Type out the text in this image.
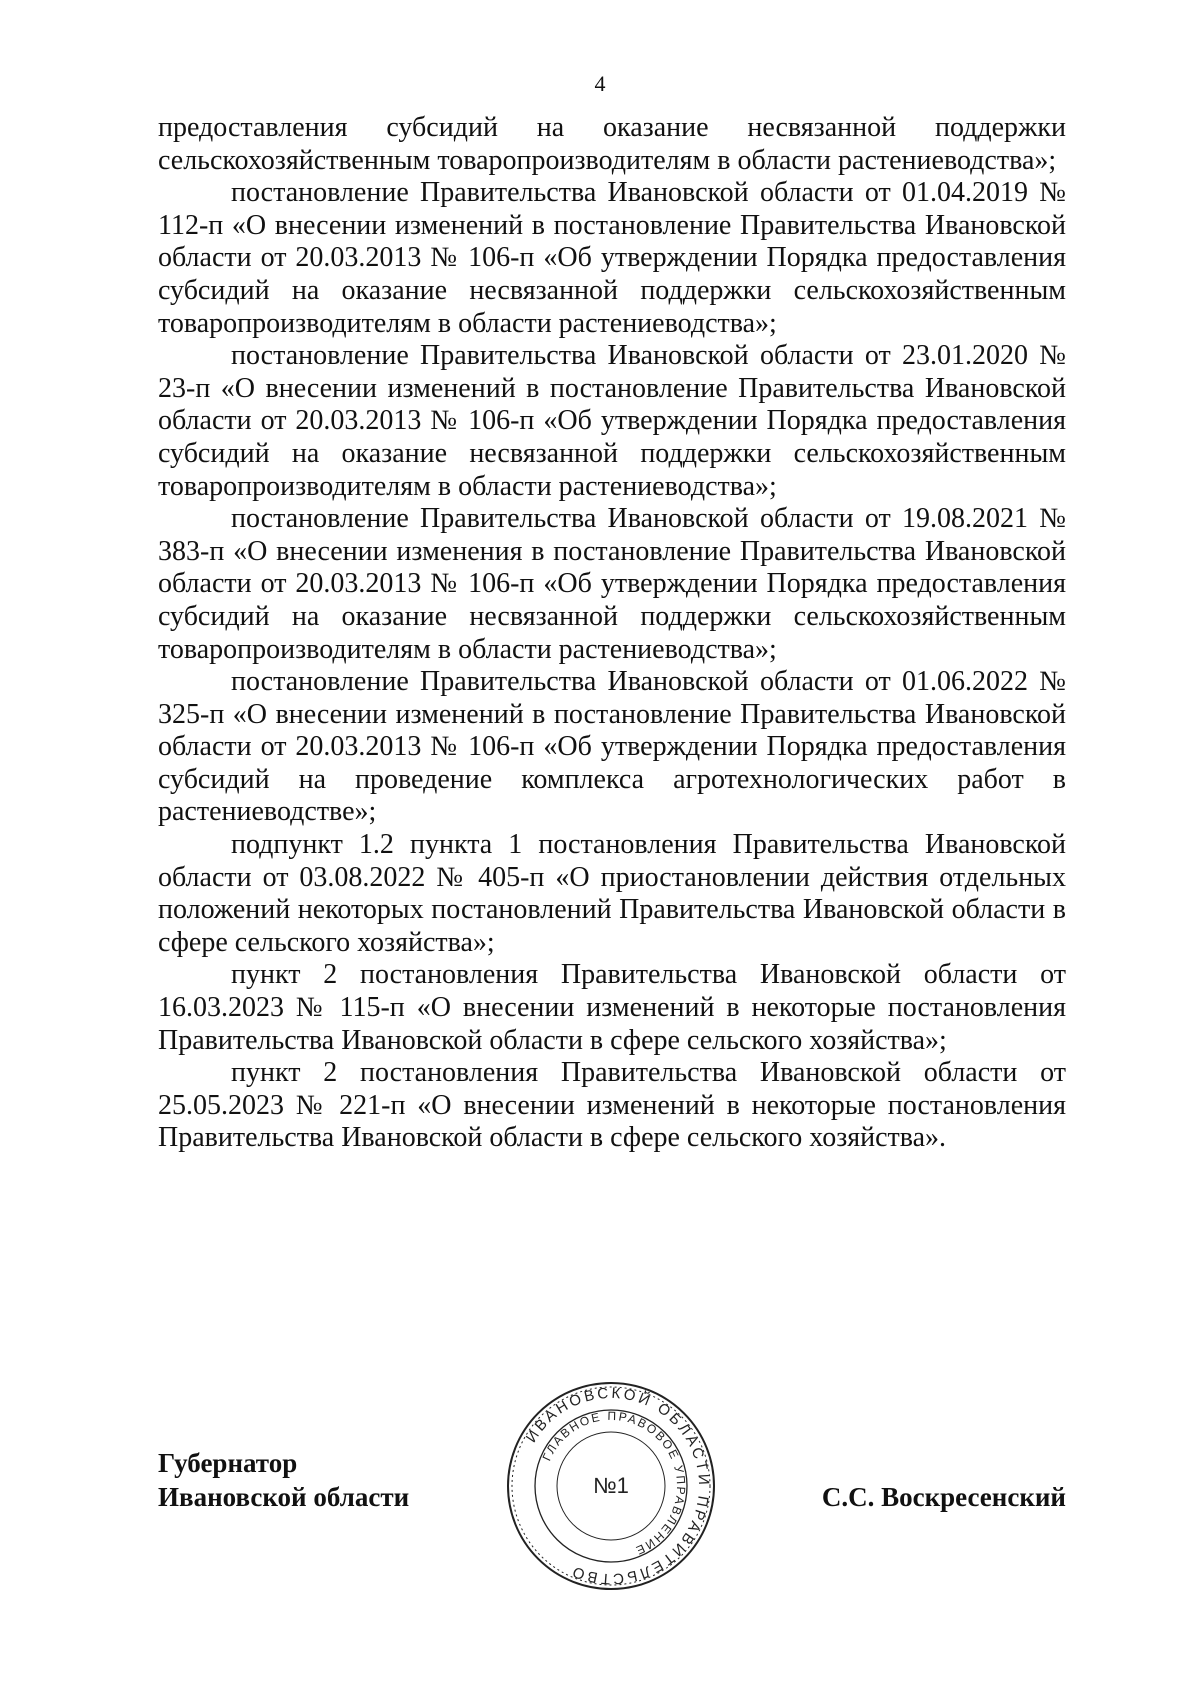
4

предоставления субсидий на оказание несвязанной поддержки сельскохозяйственным товаропроизводителям в области растениеводства»;

постановление Правительства Ивановской области от 01.04.2019 № 112-п «О внесении изменений в постановление Правительства Ивановской области от 20.03.2013 № 106-п «Об утверждении Порядка предоставления субсидий на оказание несвязанной поддержки сельскохозяйственным товаропроизводителям в области растениеводства»;

постановление Правительства Ивановской области от 23.01.2020 № 23-п «О внесении изменений в постановление Правительства Ивановской области от 20.03.2013 № 106-п «Об утверждении Порядка предоставления субсидий на оказание несвязанной поддержки сельскохозяйственным товаропроизводителям в области растениеводства»;

постановление Правительства Ивановской области от 19.08.2021 № 383-п «О внесении изменения в постановление Правительства Ивановской области от 20.03.2013 № 106-п «Об утверждении Порядка предоставления субсидий на оказание несвязанной поддержки сельскохозяйственным товаропроизводителям в области растениеводства»;

постановление Правительства Ивановской области от 01.06.2022 № 325-п «О внесении изменений в постановление Правительства Ивановской области от 20.03.2013 № 106-п «Об утверждении Порядка предоставления субсидий на проведение комплекса агротехнологических работ в растениеводстве»;

подпункт 1.2 пункта 1 постановления Правительства Ивановской области от 03.08.2022 № 405-п «О приостановлении действия отдельных положений некоторых постановлений Правительства Ивановской области в сфере сельского хозяйства»;

пункт 2 постановления Правительства Ивановской области от 16.03.2023 № 115-п «О внесении изменений в некоторые постановления Правительства Ивановской области в сфере сельского хозяйства»;

пункт 2 постановления Правительства Ивановской области от 25.05.2023 № 221-п «О внесении изменений в некоторые постановления Правительства Ивановской области в сфере сельского хозяйства».

Губернатор
Ивановской области	С.С. Воскресенский
ИВАНОВСКОЙ ОБЛАСТИ ПРАВИТЕЛЬСТВО
ГЛАВНОЕ ПРАВОВОЕ УПРАВЛЕНИЕ
№1
